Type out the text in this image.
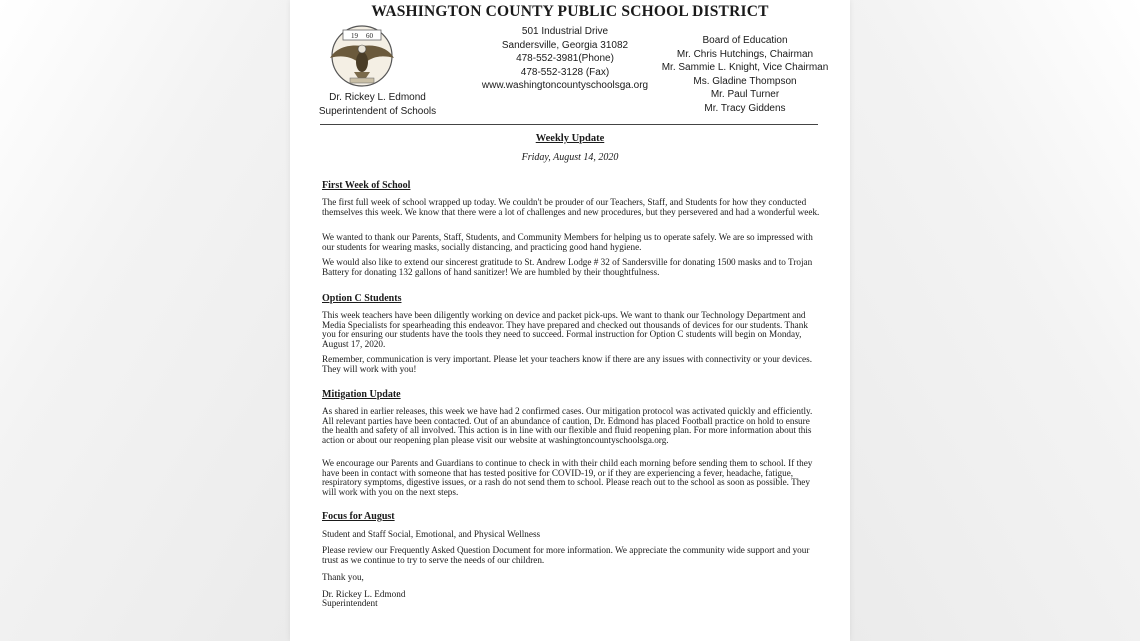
WASHINGTON COUNTY PUBLIC SCHOOL DISTRICT
19 60
Dr. Rickey L. Edmond
Superintendent of Schools
501 Industrial Drive
Sandersville, Georgia 31082
478-552-3981(Phone)
478-552-3128 (Fax)
www.washingtoncountyschoolsga.org
Board of Education
Mr. Chris Hutchings, Chairman
Mr. Sammie L. Knight, Vice Chairman
Ms. Gladine Thompson
Mr. Paul Turner
Mr. Tracy Giddens
Weekly Update
Friday, August 14, 2020
First Week of School
The first full week of school wrapped up today. We couldn't be prouder of our Teachers, Staff, and Students for how they conducted themselves this week. We know that there were a lot of challenges and new procedures, but they persevered and had a wonderful week.
We wanted to thank our Parents, Staff, Students, and Community Members for helping us to operate safely. We are so impressed with our students for wearing masks, socially distancing, and practicing good hand hygiene.
We would also like to extend our sincerest gratitude to St. Andrew Lodge # 32 of Sandersville for donating 1500 masks and to Trojan Battery for donating 132 gallons of hand sanitizer! We are humbled by their thoughtfulness.
Option C Students
This week teachers have been diligently working on device and packet pick-ups. We want to thank our Technology Department and Media Specialists for spearheading this endeavor. They have prepared and checked out thousands of devices for our students. Thank you for ensuring our students have the tools they need to succeed. Formal instruction for Option C students will begin on Monday, August 17, 2020.
Remember, communication is very important. Please let your teachers know if there are any issues with connectivity or your devices. They will work with you!
Mitigation Update
As shared in earlier releases, this week we have had 2 confirmed cases. Our mitigation protocol was activated quickly and efficiently. All relevant parties have been contacted. Out of an abundance of caution, Dr. Edmond has placed Football practice on hold to ensure the health and safety of all involved. This action is in line with our flexible and fluid reopening plan. For more information about this action or about our reopening plan please visit our website at washingtoncountyschoolsga.org.
We encourage our Parents and Guardians to continue to check in with their child each morning before sending them to school. If they have been in contact with someone that has tested positive for COVID-19, or if they are experiencing a fever, headache, fatigue, respiratory symptoms, digestive issues, or a rash do not send them to school. Please reach out to the school as soon as possible. They will work with you on the next steps.
Focus for August
Student and Staff Social, Emotional, and Physical Wellness
Please review our Frequently Asked Question Document for more information. We appreciate the community wide support and your trust as we continue to try to serve the needs of our children.
Thank you,
Dr. Rickey L. Edmond
Superintendent
